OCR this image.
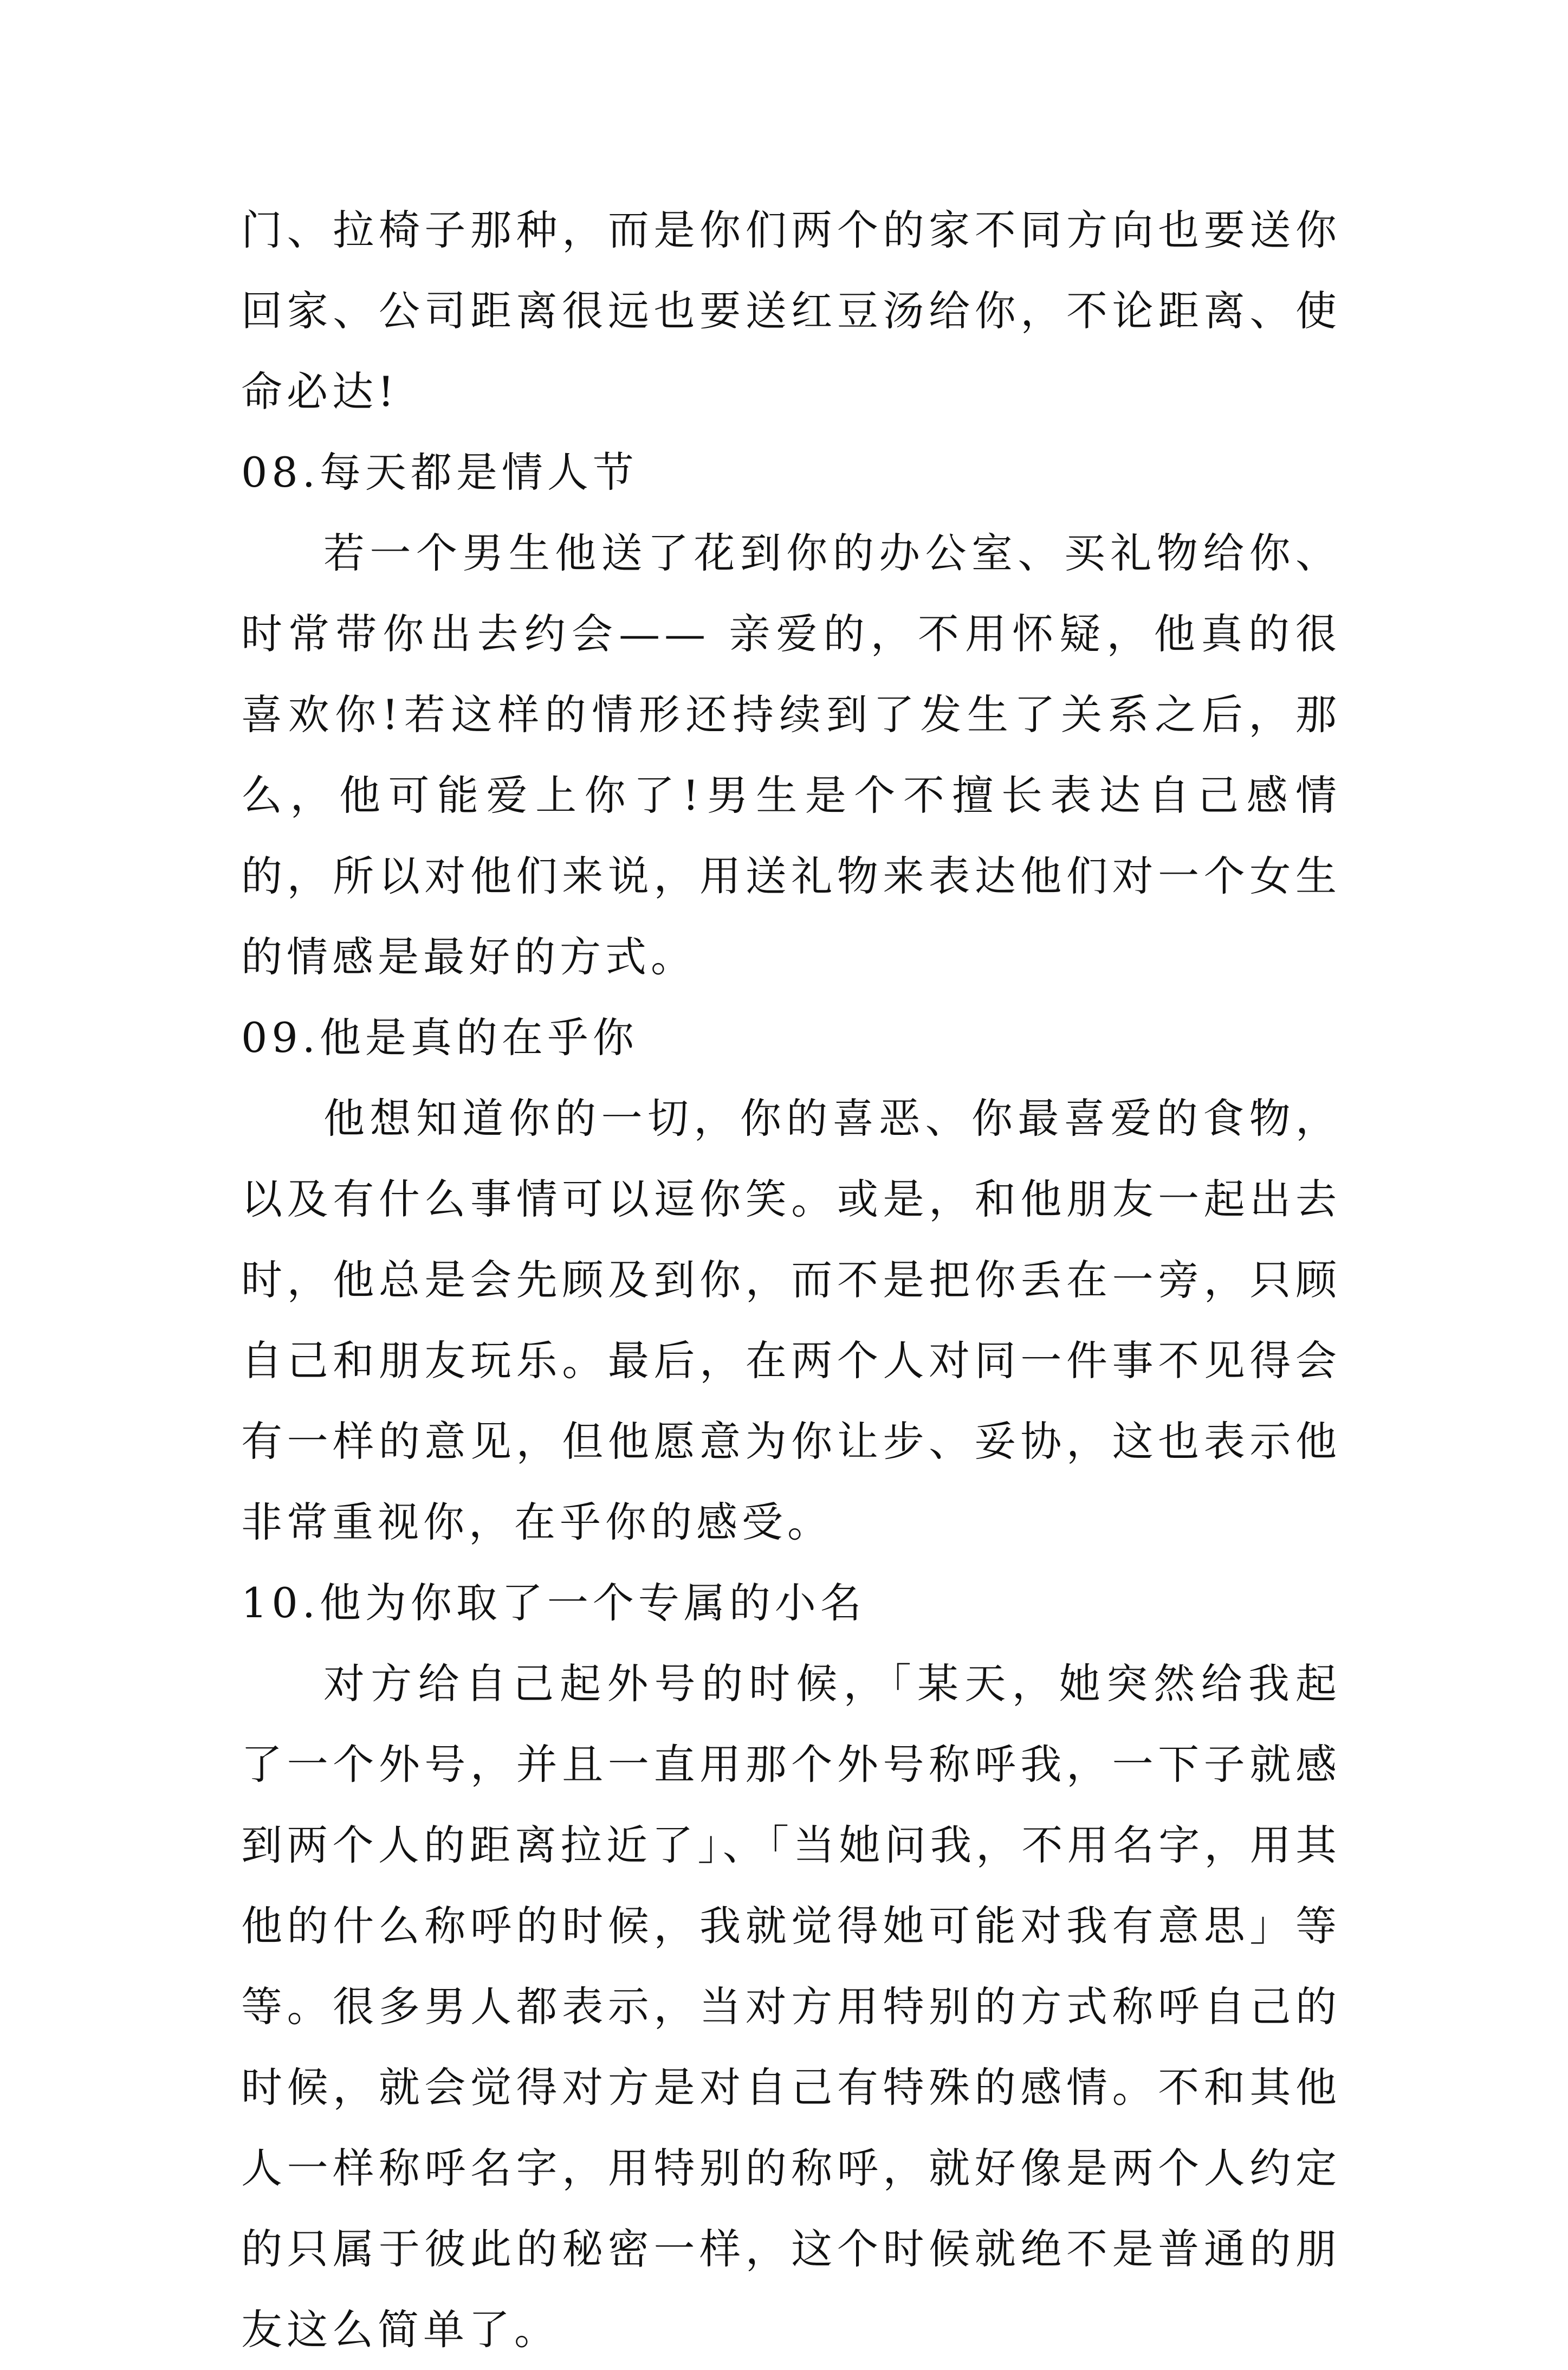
门、拉椅子那种，而是你们两个的家不同方向也要送你回家、公司距离很远也要送红豆汤给你，不论距离、使命必达!

08.每天都是情人节

若一个男生他送了花到你的办公室、买礼物给你、时常带你出去约会—— 亲爱的，不用怀疑，他真的很喜欢你!若这样的情形还持续到了发生了关系之后，那么，他可能爱上你了!男生是个不擅长表达自己感情的，所以对他们来说，用送礼物来表达他们对一个女生的情感是最好的方式。

09.他是真的在乎你

他想知道你的一切，你的喜恶、你最喜爱的食物，以及有什么事情可以逗你笑。或是，和他朋友一起出去时，他总是会先顾及到你，而不是把你丢在一旁，只顾自己和朋友玩乐。最后，在两个人对同一件事不见得会有一样的意见，但他愿意为你让步、妥协，这也表示他非常重视你，在乎你的感受。

10.他为你取了一个专属的小名

对方给自己起外号的时候，「某天，她突然给我起了一个外号，并且一直用那个外号称呼我，一下子就感到两个人的距离拉近了」、「当她问我，不用名字，用其他的什么称呼的时候，我就觉得她可能对我有意思」等等。很多男人都表示，当对方用特别的方式称呼自己的时候，就会觉得对方是对自己有特殊的感情。不和其他人一样称呼名字，用特别的称呼，就好像是两个人约定的只属于彼此的秘密一样，这个时候就绝不是普通的朋友这么简单了。
